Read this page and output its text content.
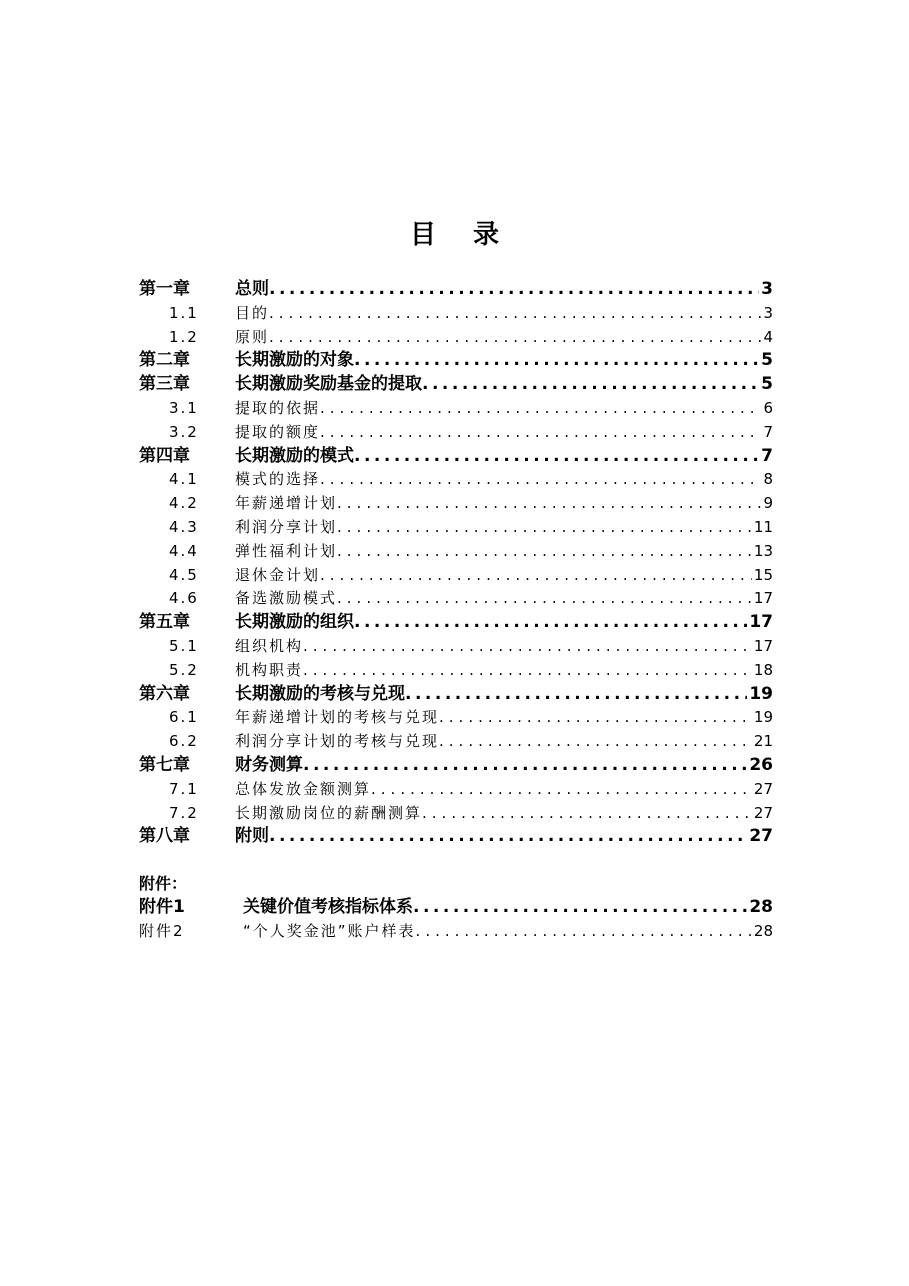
目 录
第一章	总则 .....	3
1.1	目的 .....	3
1.2	原则 .....	4
第二章	长期激励的对象 .....	5
第三章	长期激励奖励基金的提取 .....	5
3.1	提取的依据 .....	6
3.2	提取的额度 .....	7
第四章	长期激励的模式 .....	7
4.1	模式的选择 .....	8
4.2	年薪递增计划 .....	9
4.3	利润分享计划 .....	11
4.4	弹性福利计划 .....	13
4.5	退休金计划 .....	15
4.6	备选激励模式 .....	17
第五章	长期激励的组织 .....	17
5.1	组织机构 .....	17
5.2	机构职责 .....	18
第六章	长期激励的考核与兑现 .....	19
6.1	年薪递增计划的考核与兑现 .....	19
6.2	利润分享计划的考核与兑现 .....	21
第七章	财务测算 .....	26
7.1	总体发放金额测算 .....	27
7.2	长期激励岗位的薪酬测算 .....	27
第八章	附则 .....	27
附件：
附件1	关键价值考核指标体系 .....	28
附件2	“个人奖金池”账户样表 .....	28
